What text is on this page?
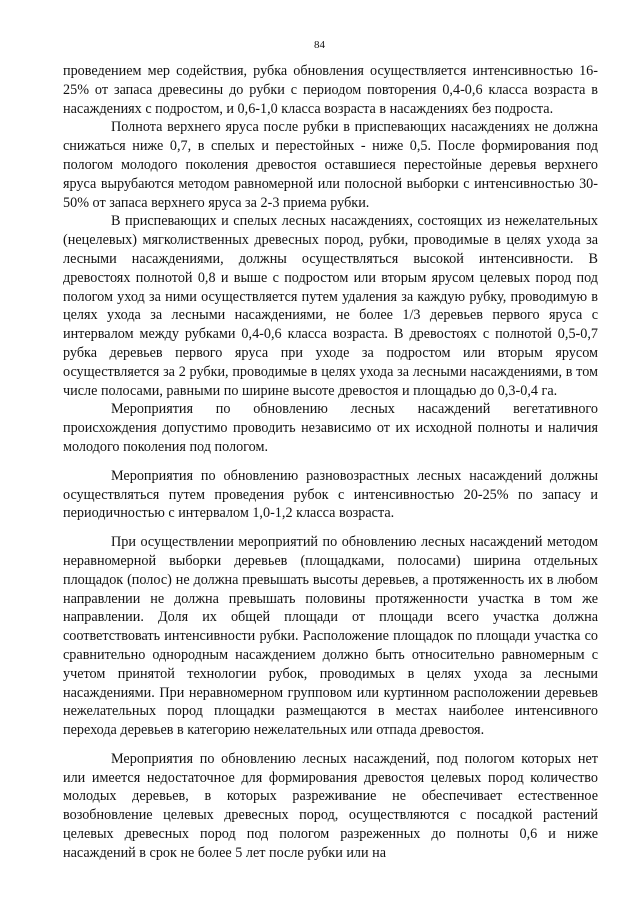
84

проведением мер содействия, рубка обновления осуществляется интенсивностью 16-25% от запаса древесины до рубки с периодом повторения 0,4-0,6 класса возраста в насаждениях с подростом, и 0,6-1,0 класса возраста в насаждениях без подроста.

Полнота верхнего яруса после рубки в приспевающих насаждениях не должна снижаться ниже 0,7, в спелых и перестойных - ниже 0,5. После формирования под пологом молодого поколения древостоя оставшиеся перестойные деревья верхнего яруса вырубаются методом равномерной или полосной выборки с интенсивностью 30-50% от запаса верхнего яруса за 2-3 приема рубки.

В приспевающих и спелых лесных насаждениях, состоящих из нежелательных (нецелевых) мягколиственных древесных пород, рубки, проводимые в целях ухода за лесными насаждениями, должны осуществляться высокой интенсивности. В древостоях полнотой 0,8 и выше с подростом или вторым ярусом целевых пород под пологом уход за ними осуществляется путем удаления за каждую рубку, проводимую в целях ухода за лесными насаждениями, не более 1/3 деревьев первого яруса с интервалом между рубками 0,4-0,6 класса возраста. В древостоях с полнотой 0,5-0,7 рубка деревьев первого яруса при уходе за подростом или вторым ярусом осуществляется за 2 рубки, проводимые в целях ухода за лесными насаждениями, в том числе полосами, равными по ширине высоте древостоя и площадью до 0,3-0,4 га.

Мероприятия по обновлению лесных насаждений вегетативного происхождения допустимо проводить независимо от их исходной полноты и наличия молодого поколения под пологом.

Мероприятия по обновлению разновозрастных лесных насаждений должны осуществляться путем проведения рубок с интенсивностью 20-25% по запасу и периодичностью с интервалом 1,0-1,2 класса возраста.

При осуществлении мероприятий по обновлению лесных насаждений методом неравномерной выборки деревьев (площадками, полосами) ширина отдельных площадок (полос) не должна превышать высоты деревьев, а протяженность их в любом направлении не должна превышать половины протяженности участка в том же направлении. Доля их общей площади от площади всего участка должна соответствовать интенсивности рубки. Расположение площадок по площади участка со сравнительно однородным насаждением должно быть относительно равномерным с учетом принятой технологии рубок, проводимых в целях ухода за лесными насаждениями. При неравномерном групповом или куртинном расположении деревьев нежелательных пород площадки размещаются в местах наиболее интенсивного перехода деревьев в категорию нежелательных или отпада древостоя.

Мероприятия по обновлению лесных насаждений, под пологом которых нет или имеется недостаточное для формирования древостоя целевых пород количество молодых деревьев, в которых разреживание не обеспечивает естественное возобновление целевых древесных пород, осуществляются с посадкой растений целевых древесных пород под пологом разреженных до полноты 0,6 и ниже насаждений в срок не более 5 лет после рубки или на
